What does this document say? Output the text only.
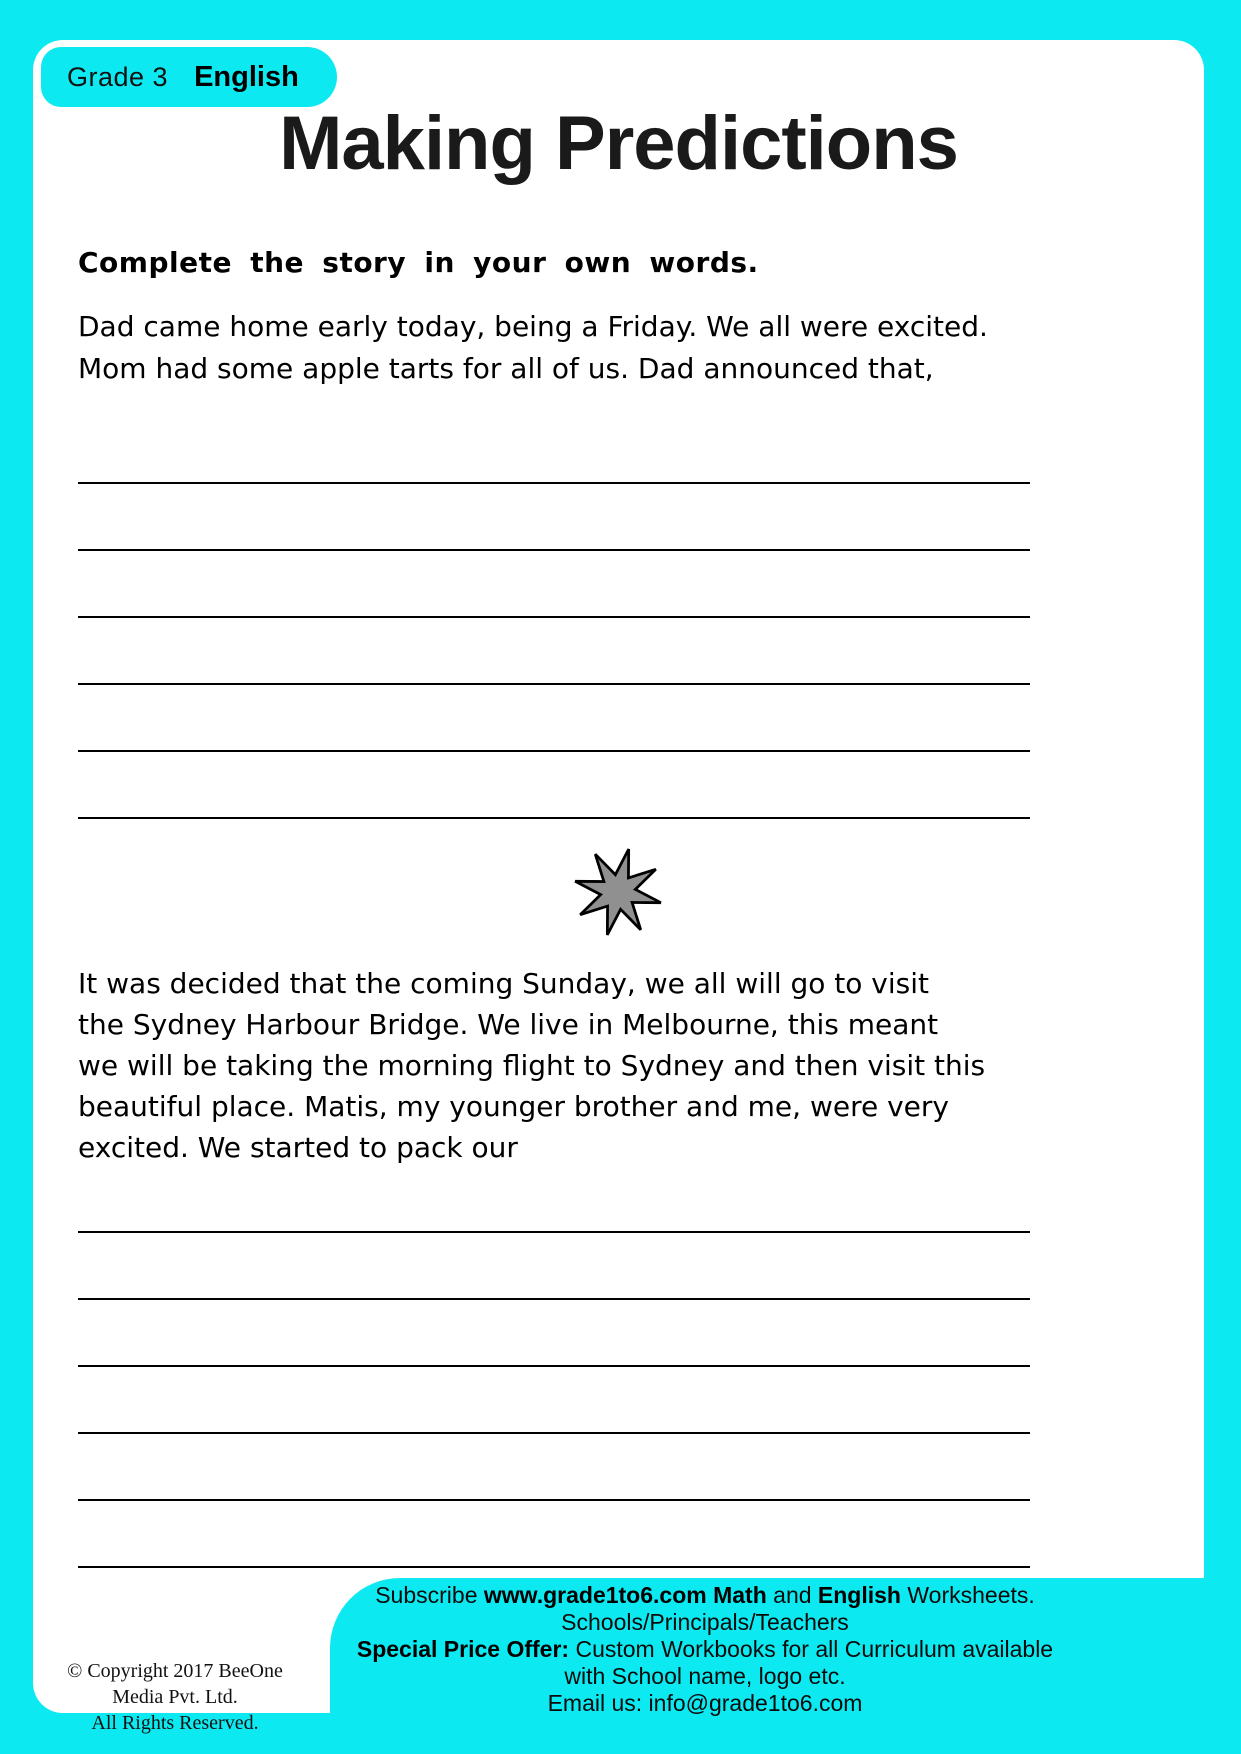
Grade 3 English
Making Predictions
Complete the story in your own words.
Dad came home early today, being a Friday. We all were excited.
Mom had some apple tarts for all of us. Dad announced that,
It was decided that the coming Sunday, we all will go to visit
the Sydney Harbour Bridge. We live in Melbourne, this meant
we will be taking the morning flight to Sydney and then visit this
beautiful place. Matis, my younger brother and me, were very
excited. We started to pack our
Subscribe www.grade1to6.com Math and English Worksheets.
Schools/Principals/Teachers
Special Price Offer: Custom Workbooks for all Curriculum available
with School name, logo etc.
Email us: info@grade1to6.com
© Copyright 2017 BeeOne Media Pvt. Ltd.
All Rights Reserved.
